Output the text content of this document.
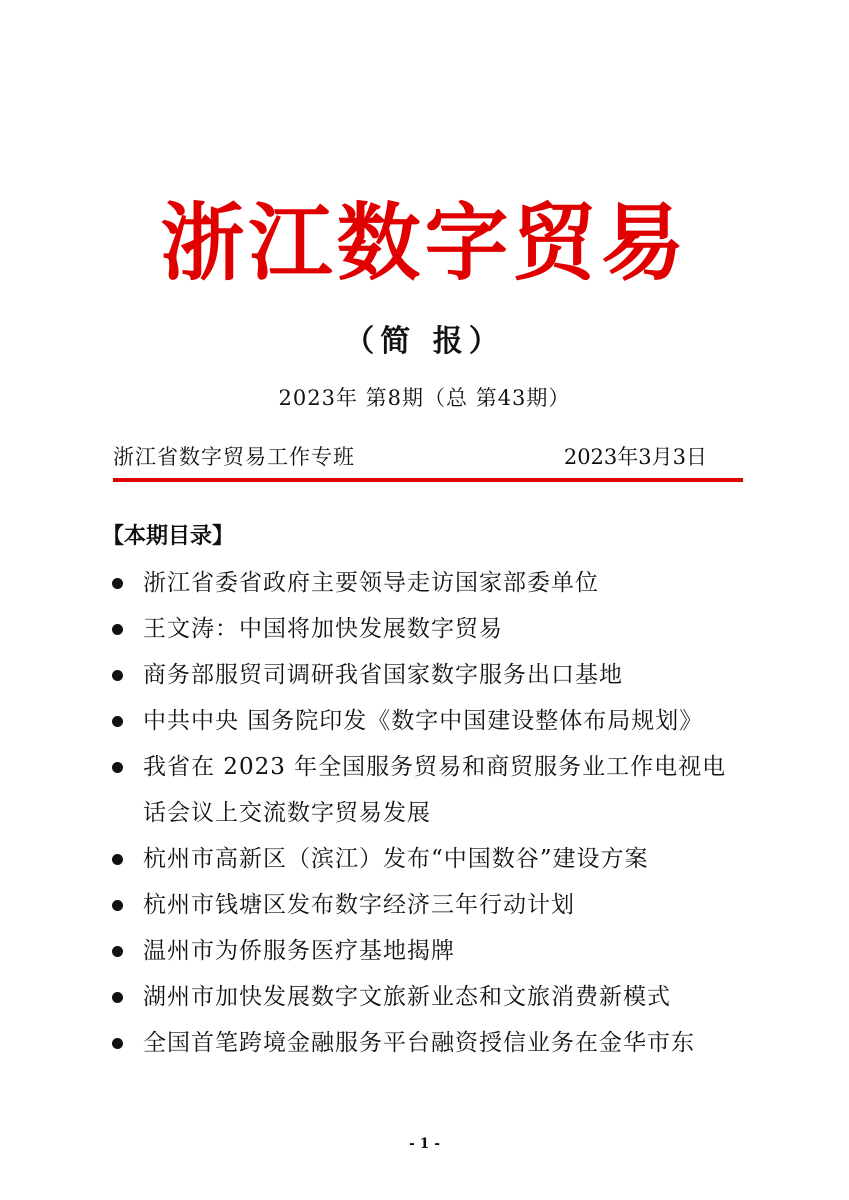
浙江数字贸易
（简 报）
2023年 第8期（总 第43期）
浙江省数字贸易工作专班	2023年3月3日
【本期目录】
浙江省委省政府主要领导走访国家部委单位
王文涛：中国将加快发展数字贸易
商务部服贸司调研我省国家数字服务出口基地
中共中央 国务院印发《数字中国建设整体布局规划》
我省在 2023 年全国服务贸易和商贸服务业工作电视电话会议上交流数字贸易发展
杭州市高新区（滨江）发布“中国数谷”建设方案
杭州市钱塘区发布数字经济三年行动计划
温州市为侨服务医疗基地揭牌
湖州市加快发展数字文旅新业态和文旅消费新模式
全国首笔跨境金融服务平台融资授信业务在金华市东
- 1 -
